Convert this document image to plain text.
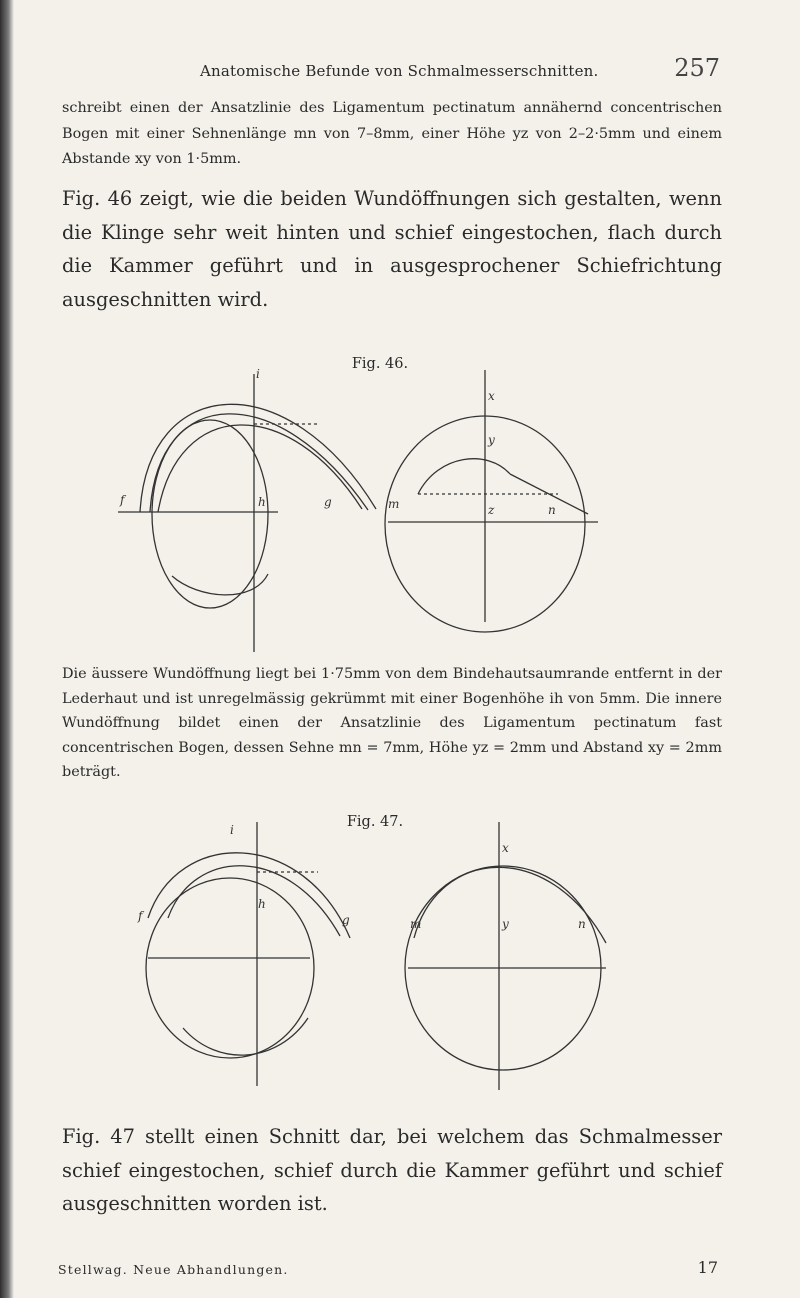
Anatomische Befunde von Schmalmesserschnitten.	257

schreibt einen der Ansatzlinie des Ligamentum pectinatum annähernd concentrischen Bogen mit einer Sehnenlänge mn von 7–8mm, einer Höhe yz von 2–2·5mm und einem Abstande xy von 1·5mm.

Fig. 46 zeigt, wie die beiden Wundöffnungen sich gestalten, wenn die Klinge sehr weit hinten und schief eingestochen, flach durch die Kammer geführt und in ausgesprochener Schiefrichtung ausgeschnitten wird.

Fig. 46.
i
f	h	g	m
x
y
z	n

Die äussere Wundöffnung liegt bei 1·75mm von dem Bindehautsaumrande entfernt in der Lederhaut und ist unregelmässig gekrümmt mit einer Bogenhöhe ih von 5mm. Die innere Wundöffnung bildet einen der Ansatzlinie des Ligamentum pectinatum fast concentrischen Bogen, dessen Sehne mn = 7mm, Höhe yz = 2mm und Abstand xy = 2mm beträgt.

Fig. 47.
i
f
h
g	m
x
y	n

Fig. 47 stellt einen Schnitt dar, bei welchem das Schmalmesser schief eingestochen, schief durch die Kammer geführt und schief ausgeschnitten worden ist.

Stellwag. Neue Abhandlungen.	17
